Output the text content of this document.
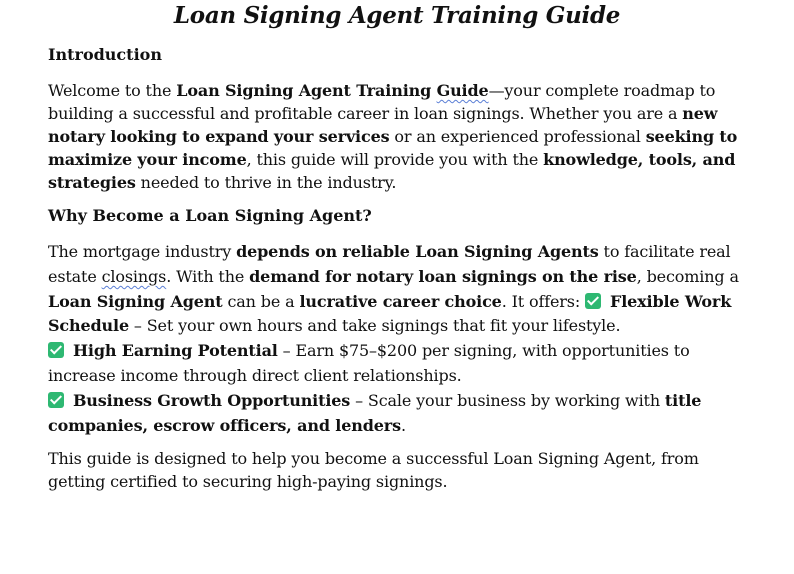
Loan Signing Agent Training Guide
Introduction

Welcome to the Loan Signing Agent Training Guide—your complete roadmap to building a successful and profitable career in loan signings. Whether you are a new notary looking to expand your services or an experienced professional seeking to maximize your income, this guide will provide you with the knowledge, tools, and strategies needed to thrive in the industry.

Why Become a Loan Signing Agent?

The mortgage industry depends on reliable Loan Signing Agents to facilitate real estate closings. With the demand for notary loan signings on the rise, becoming a Loan Signing Agent can be a lucrative career choice. It offers:  Flexible Work Schedule – Set your own hours and take signings that fit your lifestyle.
High Earning Potential – Earn $75–$200 per signing, with opportunities to increase income through direct client relationships.
Business Growth Opportunities – Scale your business by working with title companies, escrow officers, and lenders.

This guide is designed to help you become a successful Loan Signing Agent, from getting certified to securing high-paying signings.
